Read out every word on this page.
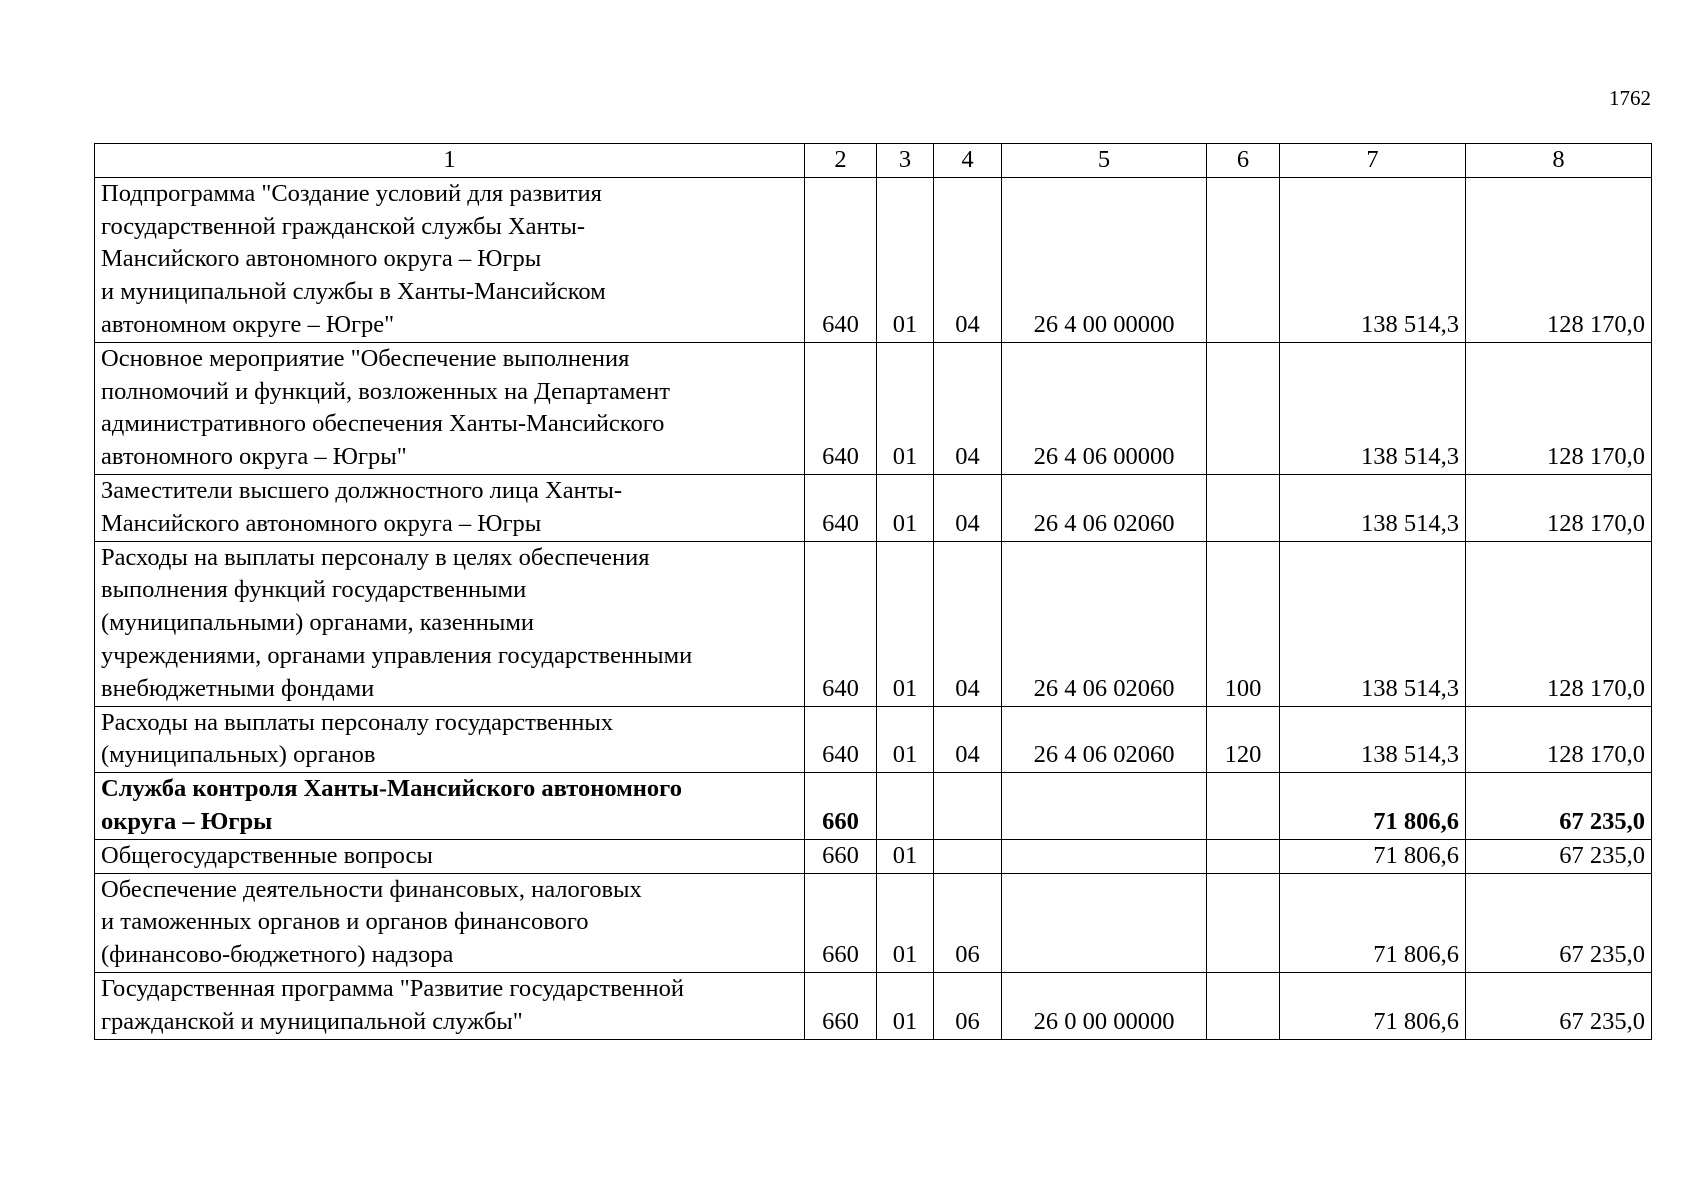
1762
1	2	3	4	5	6	7	8

Подпрограмма "Создание условий для развития
государственной гражданской службы Ханты-
Мансийского автономного округа – Югры
и муниципальной службы в Ханты-Мансийском
автономном округе – Югре"	640	01	04	26 4 00 00000		138 514,3	128 170,0

Основное мероприятие "Обеспечение выполнения
полномочий и функций, возложенных на Департамент
административного обеспечения Ханты-Мансийского
автономного округа – Югры"	640	01	04	26 4 06 00000		138 514,3	128 170,0

Заместители высшего должностного лица Ханты-
Мансийского автономного округа – Югры	640	01	04	26 4 06 02060		138 514,3	128 170,0

Расходы на выплаты персоналу в целях обеспечения
выполнения функций государственными
(муниципальными) органами, казенными
учреждениями, органами управления государственными
внебюджетными фондами	640	01	04	26 4 06 02060	100	138 514,3	128 170,0

Расходы на выплаты персоналу государственных
(муниципальных) органов	640	01	04	26 4 06 02060	120	138 514,3	128 170,0

Служба контроля Ханты-Мансийского автономного
округа – Югры	660					71 806,6	67 235,0

Общегосударственные вопросы	660	01				71 806,6	67 235,0

Обеспечение деятельности финансовых, налоговых
и таможенных органов и органов финансового
(финансово-бюджетного) надзора	660	01	06			71 806,6	67 235,0

Государственная программа "Развитие государственной
гражданской и муниципальной службы"	660	01	06	26 0 00 00000		71 806,6	67 235,0
